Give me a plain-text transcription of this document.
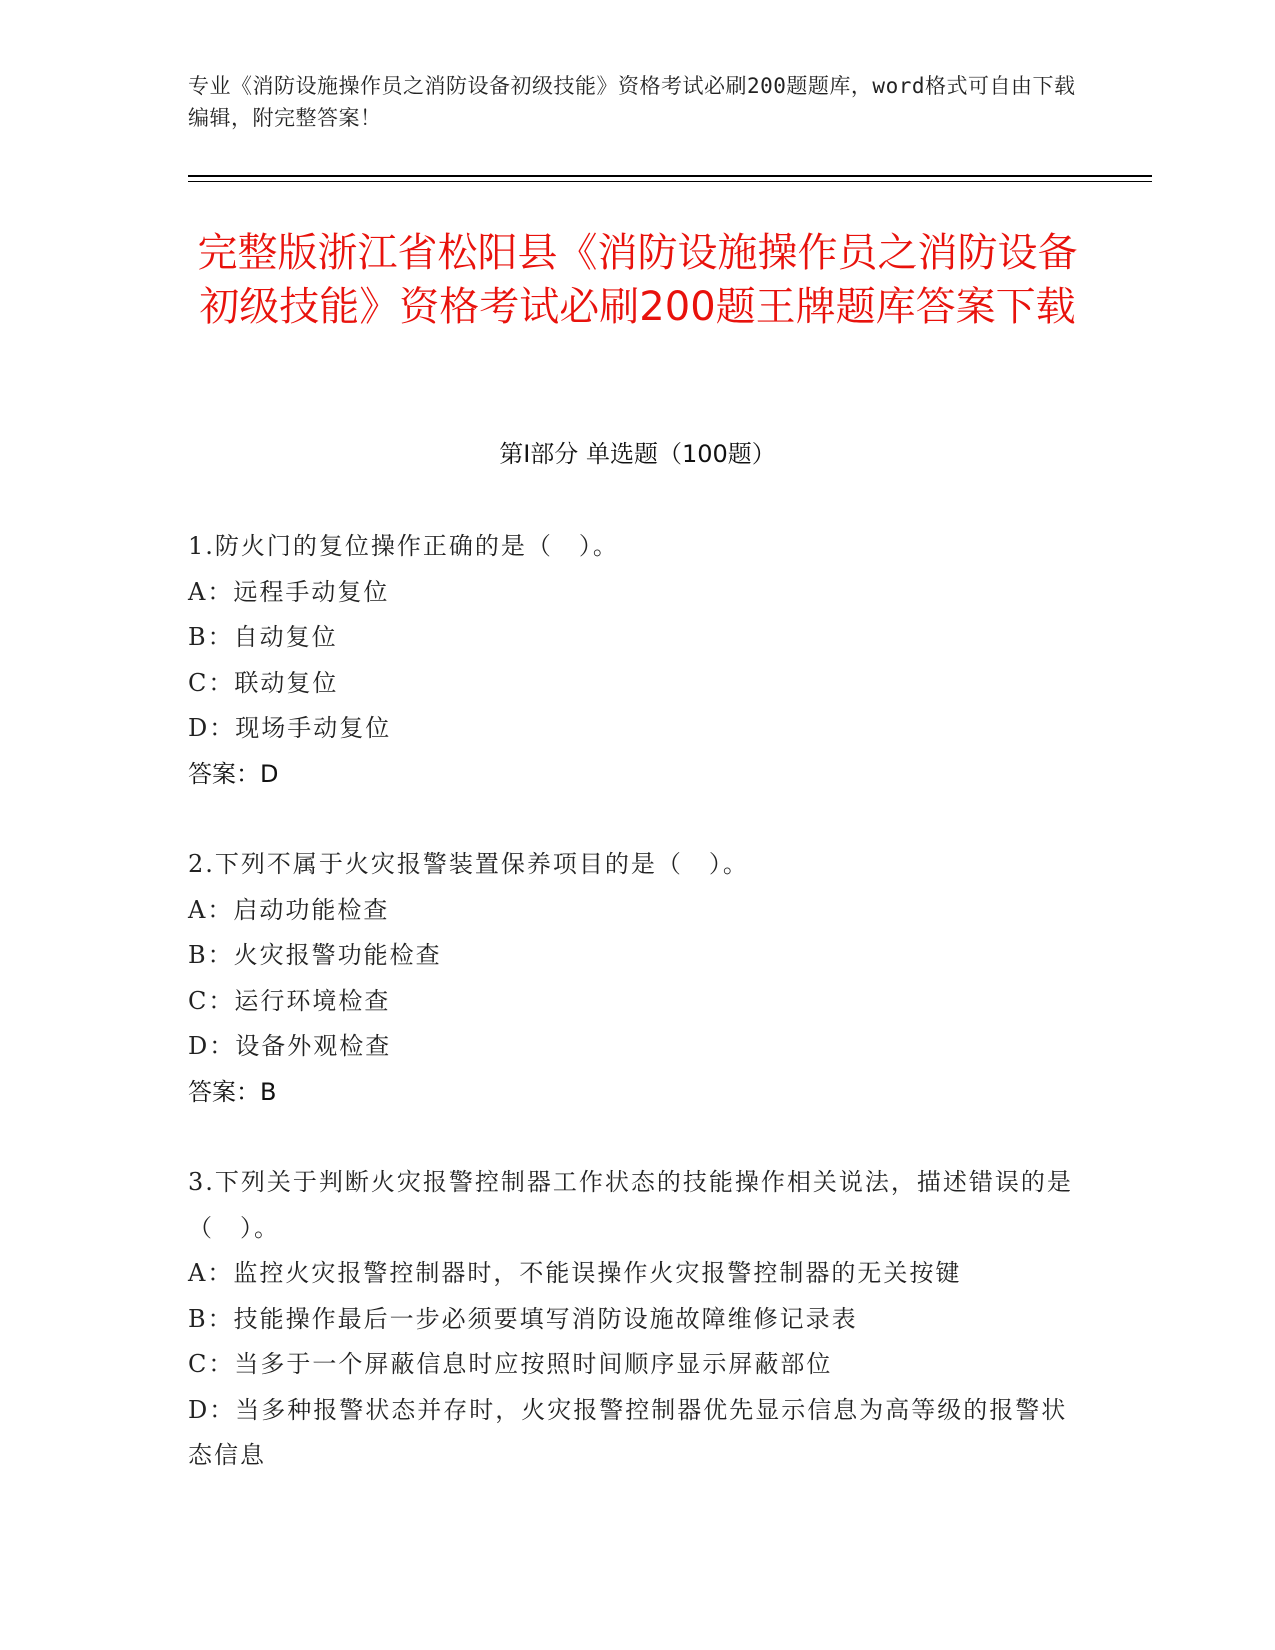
专业《消防设施操作员之消防设备初级技能》资格考试必刷200题题库，word格式可自由下载编辑，附完整答案！
完整版浙江省松阳县《消防设施操作员之消防设备初级技能》资格考试必刷200题王牌题库答案下载
第Ⅰ部分 单选题（100题）
1.防火门的复位操作正确的是（　）。
A：远程手动复位
B：自动复位
C：联动复位
D：现场手动复位
答案：D
2.下列不属于火灾报警装置保养项目的是（　）。
A：启动功能检查
B：火灾报警功能检查
C：运行环境检查
D：设备外观检查
答案：B
3.下列关于判断火灾报警控制器工作状态的技能操作相关说法，描述错误的是（　）。
A：监控火灾报警控制器时，不能误操作火灾报警控制器的无关按键
B：技能操作最后一步必须要填写消防设施故障维修记录表
C：当多于一个屏蔽信息时应按照时间顺序显示屏蔽部位
D：当多种报警状态并存时，火灾报警控制器优先显示信息为高等级的报警状态信息
